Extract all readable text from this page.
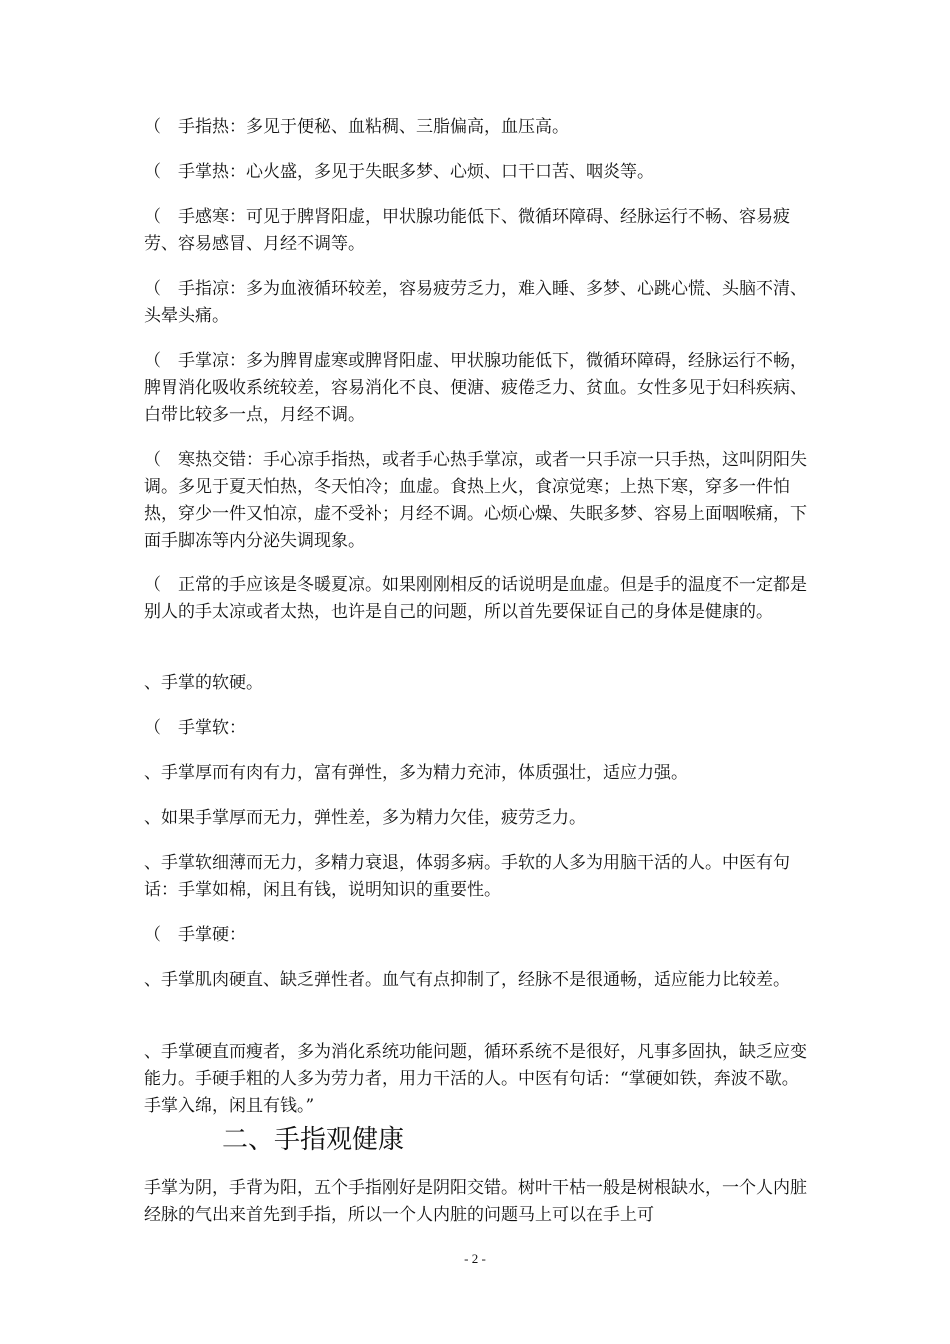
（　手指热：多见于便秘、血粘稠、三脂偏高，血压高。

（　手掌热：心火盛，多见于失眠多梦、心烦、口干口苦、咽炎等。

（　手感寒：可见于脾肾阳虚，甲状腺功能低下、微循环障碍、经脉运行不畅、容易疲劳、容易感冒、月经不调等。

（　手指凉：多为血液循环较差，容易疲劳乏力，难入睡、多梦、心跳心慌、头脑不清、头晕头痛。

（　手掌凉：多为脾胃虚寒或脾肾阳虚、甲状腺功能低下，微循环障碍，经脉运行不畅，脾胃消化吸收系统较差，容易消化不良、便溏、疲倦乏力、贫血。女性多见于妇科疾病、白带比较多一点，月经不调。

（　寒热交错：手心凉手指热，或者手心热手掌凉，或者一只手凉一只手热，这叫阴阳失调。多见于夏天怕热，冬天怕冷；血虚。食热上火，食凉觉寒；上热下寒，穿多一件怕热，穿少一件又怕凉，虚不受补；月经不调。心烦心燥、失眠多梦、容易上面咽喉痛，下面手脚冻等内分泌失调现象。

（　正常的手应该是冬暖夏凉。如果刚刚相反的话说明是血虚。但是手的温度不一定都是别人的手太凉或者太热，也许是自己的问题，所以首先要保证自己的身体是健康的。

、手掌的软硬。

（　手掌软：

、手掌厚而有肉有力，富有弹性，多为精力充沛，体质强壮，适应力强。

、如果手掌厚而无力，弹性差，多为精力欠佳，疲劳乏力。

、手掌软细薄而无力，多精力衰退，体弱多病。手软的人多为用脑干活的人。中医有句话：手掌如棉，闲且有钱，说明知识的重要性。

（　手掌硬：

、手掌肌肉硬直、缺乏弹性者。血气有点抑制了，经脉不是很通畅，适应能力比较差。

、手掌硬直而瘦者，多为消化系统功能问题，循环系统不是很好，凡事多固执，缺乏应变能力。手硬手粗的人多为劳力者，用力干活的人。中医有句话：“掌硬如铁，奔波不歇。手掌入绵，闲且有钱。”

二、手指观健康

手掌为阴，手背为阳，五个手指刚好是阴阳交错。树叶干枯一般是树根缺水，一个人内脏经脉的气出来首先到手指，所以一个人内脏的问题马上可以在手上可

- 2 -
